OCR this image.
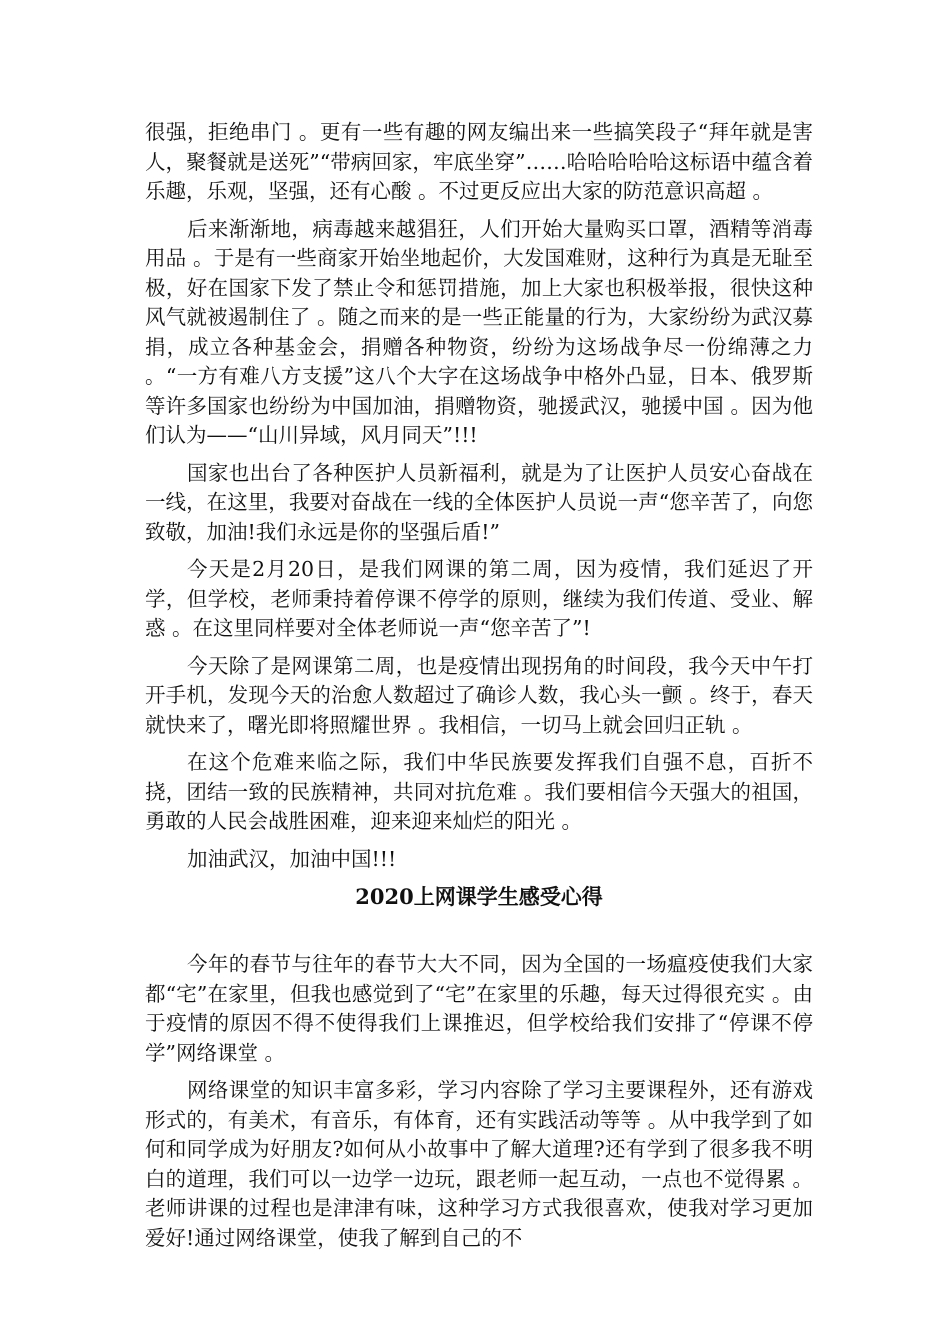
很强，拒绝串门 。更有一些有趣的网友编出来一些搞笑段子“拜年就是害人，聚餐就是送死”“带病回家，牢底坐穿”……哈哈哈哈哈这标语中蕴含着乐趣，乐观，坚强，还有心酸 。不过更反应出大家的防范意识高超 。

后来渐渐地，病毒越来越猖狂，人们开始大量购买口罩，酒精等消毒用品 。于是有一些商家开始坐地起价，大发国难财，这种行为真是无耻至极，好在国家下发了禁止令和惩罚措施，加上大家也积极举报，很快这种风气就被遏制住了 。随之而来的是一些正能量的行为，大家纷纷为武汉募捐，成立各种基金会，捐赠各种物资，纷纷为这场战争尽一份绵薄之力 。“一方有难八方支援”这八个大字在这场战争中格外凸显，日本、俄罗斯等许多国家也纷纷为中国加油，捐赠物资，驰援武汉，驰援中国 。因为他们认为——“山川异域，风月同天”!!!

国家也出台了各种医护人员新福利，就是为了让医护人员安心奋战在一线，在这里，我要对奋战在一线的全体医护人员说一声“您辛苦了，向您致敬，加油!我们永远是你的坚强后盾!”

今天是2月20日，是我们网课的第二周，因为疫情，我们延迟了开学，但学校，老师秉持着停课不停学的原则，继续为我们传道、受业、解惑 。在这里同样要对全体老师说一声“您辛苦了”!

今天除了是网课第二周，也是疫情出现拐角的时间段，我今天中午打开手机，发现今天的治愈人数超过了确诊人数，我心头一颤 。终于，春天就快来了，曙光即将照耀世界 。我相信，一切马上就会回归正轨 。

在这个危难来临之际，我们中华民族要发挥我们自强不息，百折不挠，团结一致的民族精神，共同对抗危难 。我们要相信今天强大的祖国，勇敢的人民会战胜困难，迎来迎来灿烂的阳光 。

加油武汉，加油中国!!!

2020上网课学生感受心得

今年的春节与往年的春节大大不同，因为全国的一场瘟疫使我们大家都“宅”在家里，但我也感觉到了“宅”在家里的乐趣，每天过得很充实 。由于疫情的原因不得不使得我们上课推迟，但学校给我们安排了“停课不停学”网络课堂 。

网络课堂的知识丰富多彩，学习内容除了学习主要课程外，还有游戏形式的，有美术，有音乐，有体育，还有实践活动等等 。从中我学到了如何和同学成为好朋友?如何从小故事中了解大道理?还有学到了很多我不明白的道理，我们可以一边学一边玩，跟老师一起互动，一点也不觉得累 。老师讲课的过程也是津津有味，这种学习方式我很喜欢，使我对学习更加爱好!通过网络课堂，使我了解到自己的不
